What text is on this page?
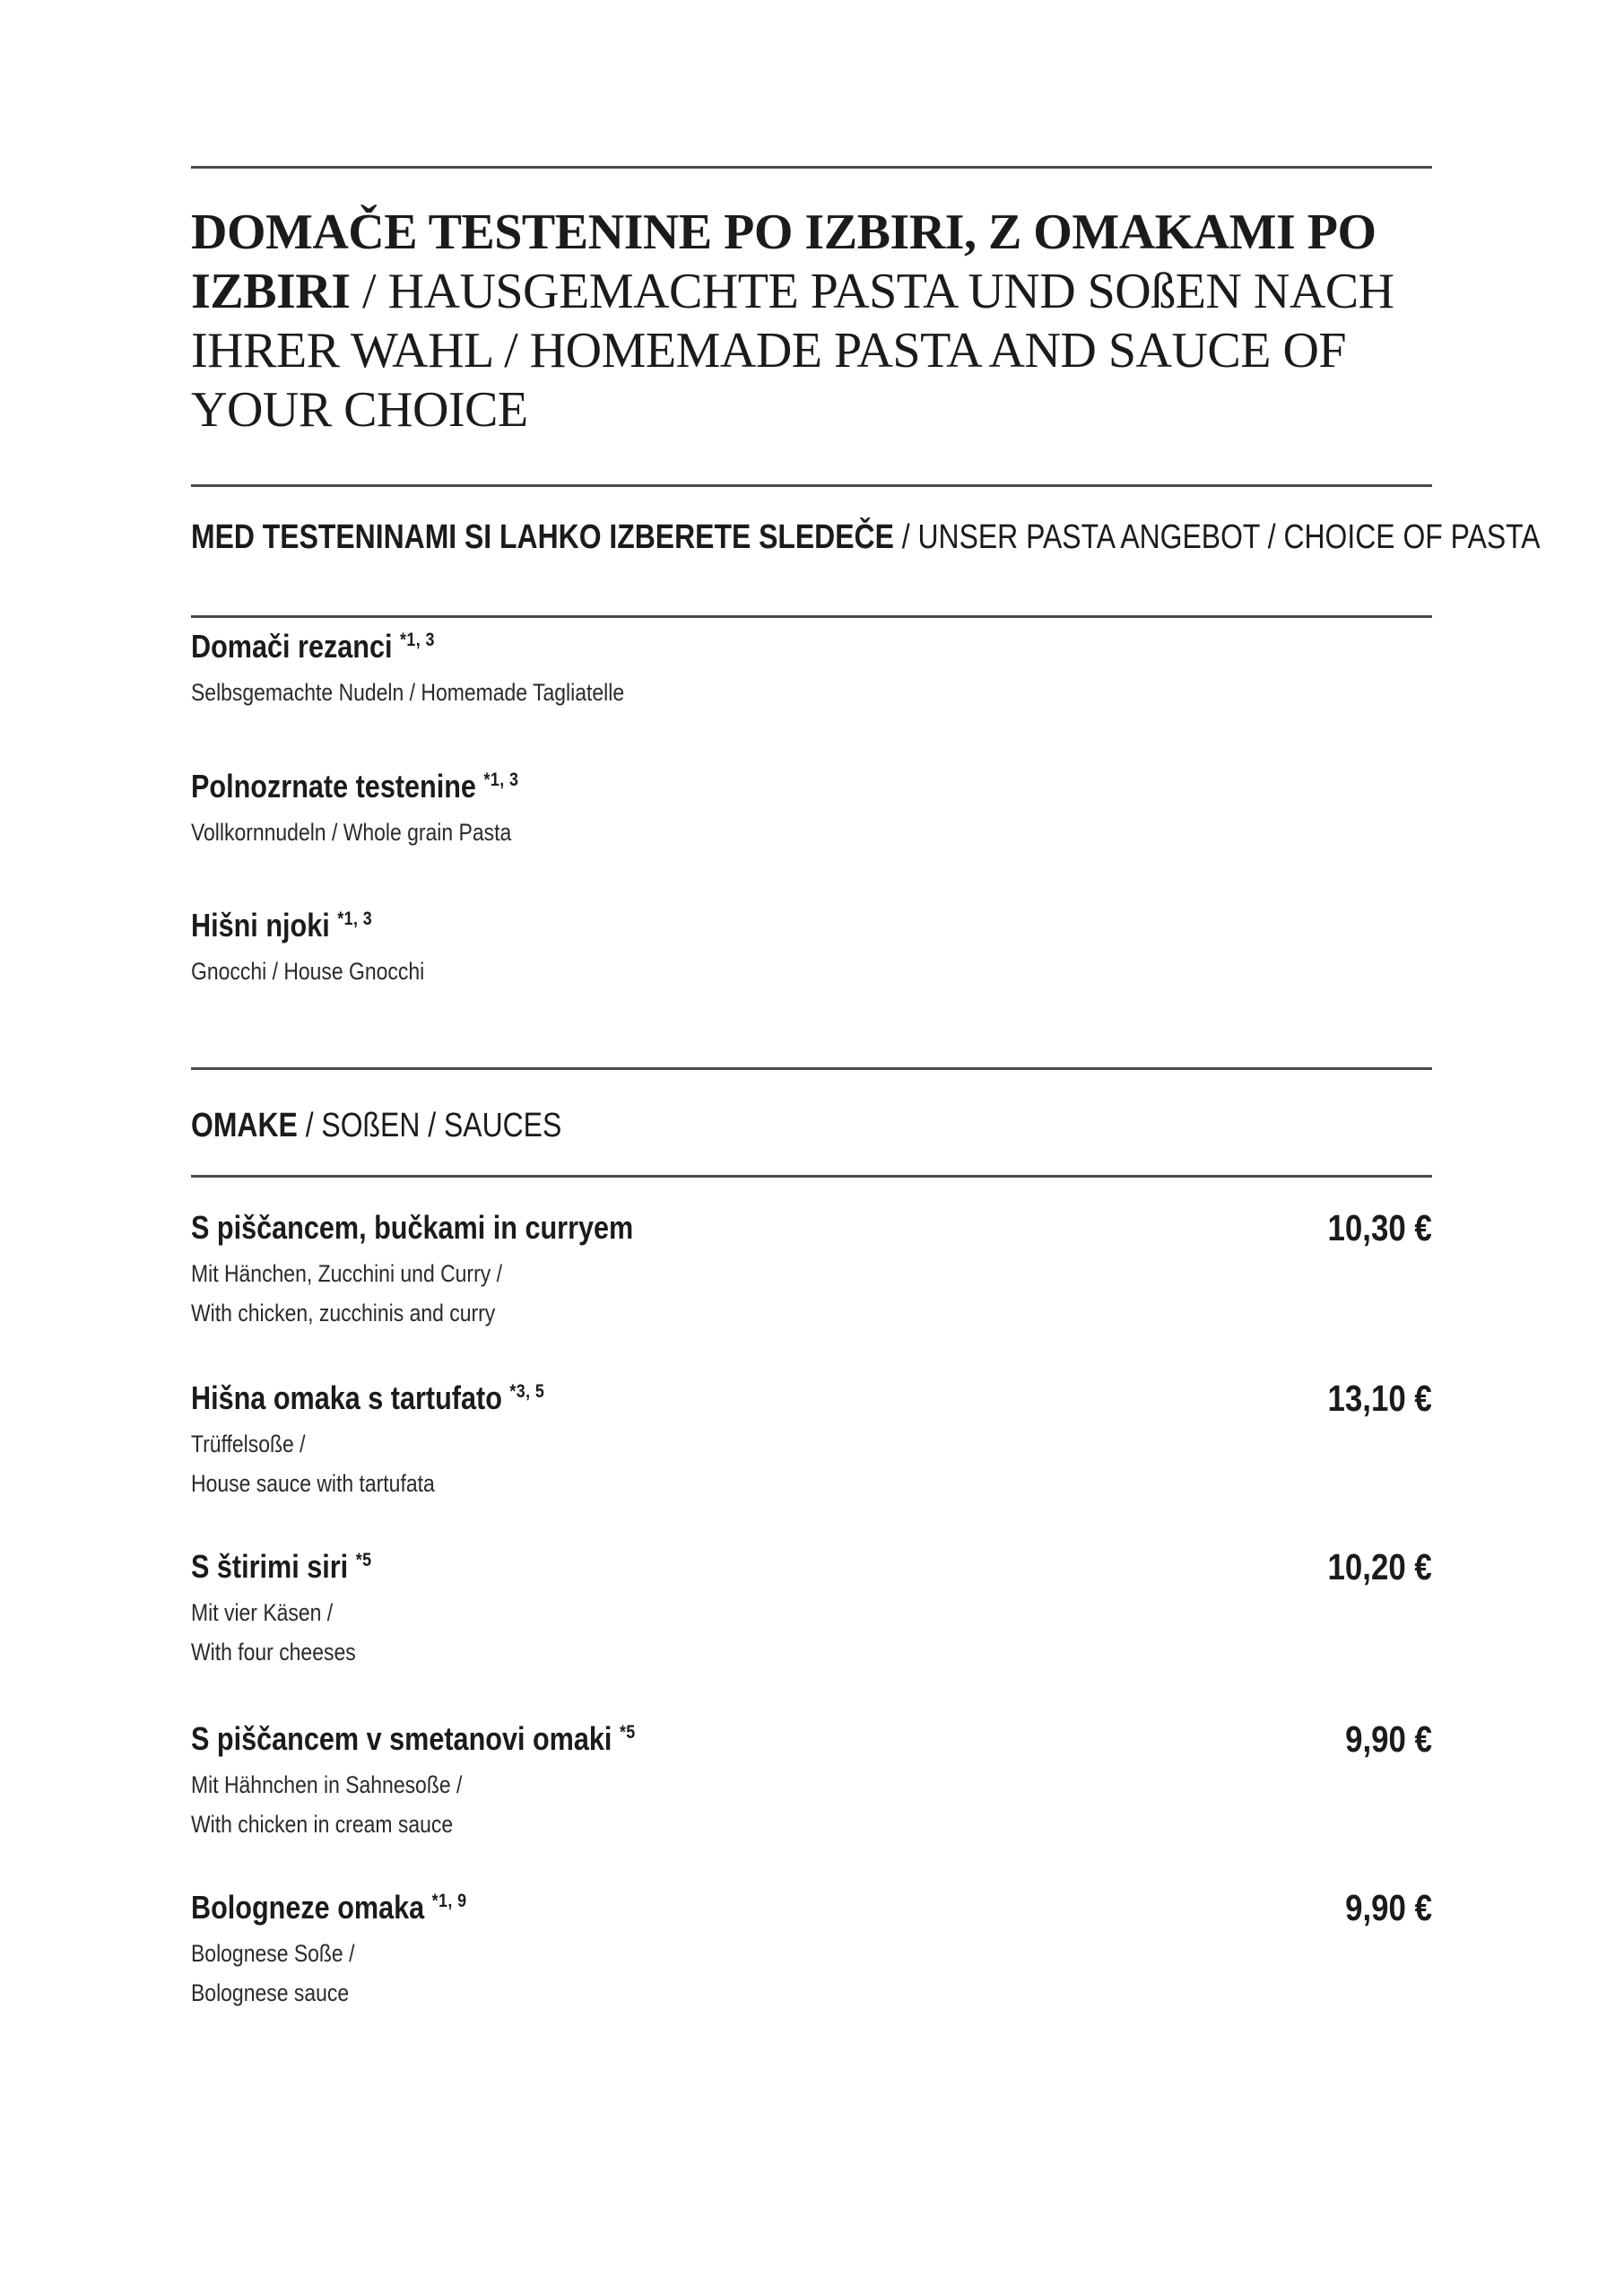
DOMAČE TESTENINE PO IZBIRI, Z OMAKAMI PO IZBIRI / HAUSGEMACHTE PASTA UND SOßEN NACH IHRER WAHL / HOMEMADE PASTA AND SAUCE OF YOUR CHOICE
MED TESTENINAMI SI LAHKO IZBERETE SLEDEČE / UNSER PASTA ANGEBOT / CHOICE OF PASTA
Domači rezanci $^{*1, 3}$
Selbsgemachte Nudeln / Homemade Tagliatelle
Polnozrnate testenine $^{*1, 3}$
Vollkornnudeln / Whole grain Pasta
Hišni njoki $^{*1, 3}$
Gnocchi / House Gnocchi
OMAKE / SOßEN / SAUCES
S piščancem, bučkami in curryem	10,30 €
Mit Hänchen, Zucchini und Curry /
With chicken, zucchinis and curry
Hišna omaka s tartufato $^{*3, 5}$	13,10 €
Trüffelsoße /
House sauce with tartufata
S štirimi siri $^{*5}$	10,20 €
Mit vier Käsen /
With four cheeses
S piščancem v smetanovi omaki $^{*5}$	9,90 €
Mit Hähnchen in Sahnesoße /
With chicken in cream sauce
Bologneze omaka $^{*1, 9}$	9,90 €
Bolognese Soße /
Bolognese sauce
